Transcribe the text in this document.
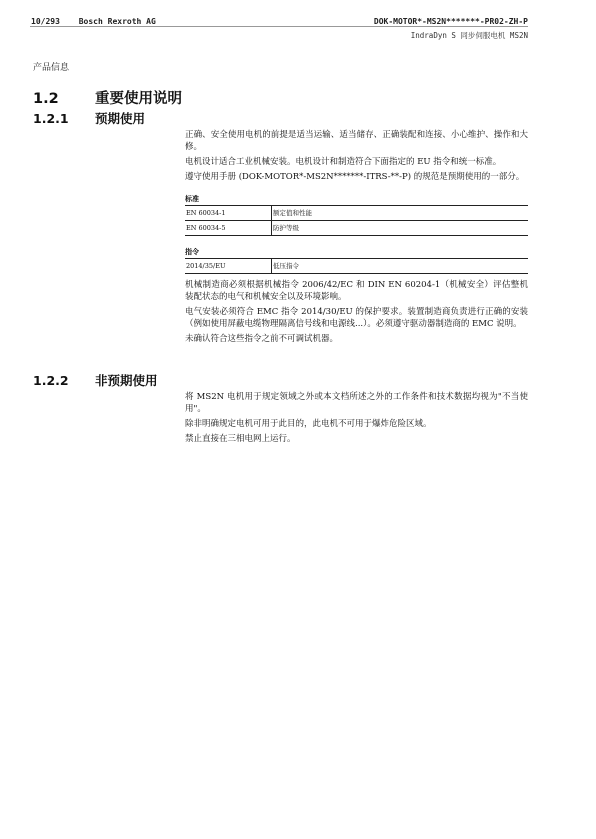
10/293 Bosch Rexroth AG	DOK-MOTOR*-MS2N*******-PR02-ZH-P
IndraDyn S 同步伺服电机 MS2N
产品信息
1.2	重要使用说明
1.2.1 预期使用

正确、安全使用电机的前提是适当运输、适当储存、正确装配和连接、小心维护、操作和大修。

电机设计适合工业机械安装。电机设计和制造符合下面指定的 EU 指令和统一标准。

遵守使用手册 (DOK-MOTOR*-MS2N*******-ITRS-**-P) 的规范是预期使用的一部分。

标准
EN 60034-1	额定值和性能
EN 60034-5	防护等级
指令
2014/35/EU	低压指令

机械制造商必须根据机械指令 2006/42/EC 和 DIN EN 60204-1（机械安全）评估整机装配状态的电气和机械安全以及环境影响。

电气安装必须符合 EMC 指令 2014/30/EU 的保护要求。装置制造商负责进行正确的安装（例如使用屏蔽电缆物理隔离信号线和电源线...）。必须遵守驱动器制造商的 EMC 说明。

未确认符合这些指令之前不可调试机器。

1.2.2 非预期使用

将 MS2N 电机用于规定领域之外或本文档所述之外的工作条件和技术数据均视为"不当使用"。

除非明确规定电机可用于此目的，此电机不可用于爆炸危险区域。

禁止直接在三相电网上运行。
